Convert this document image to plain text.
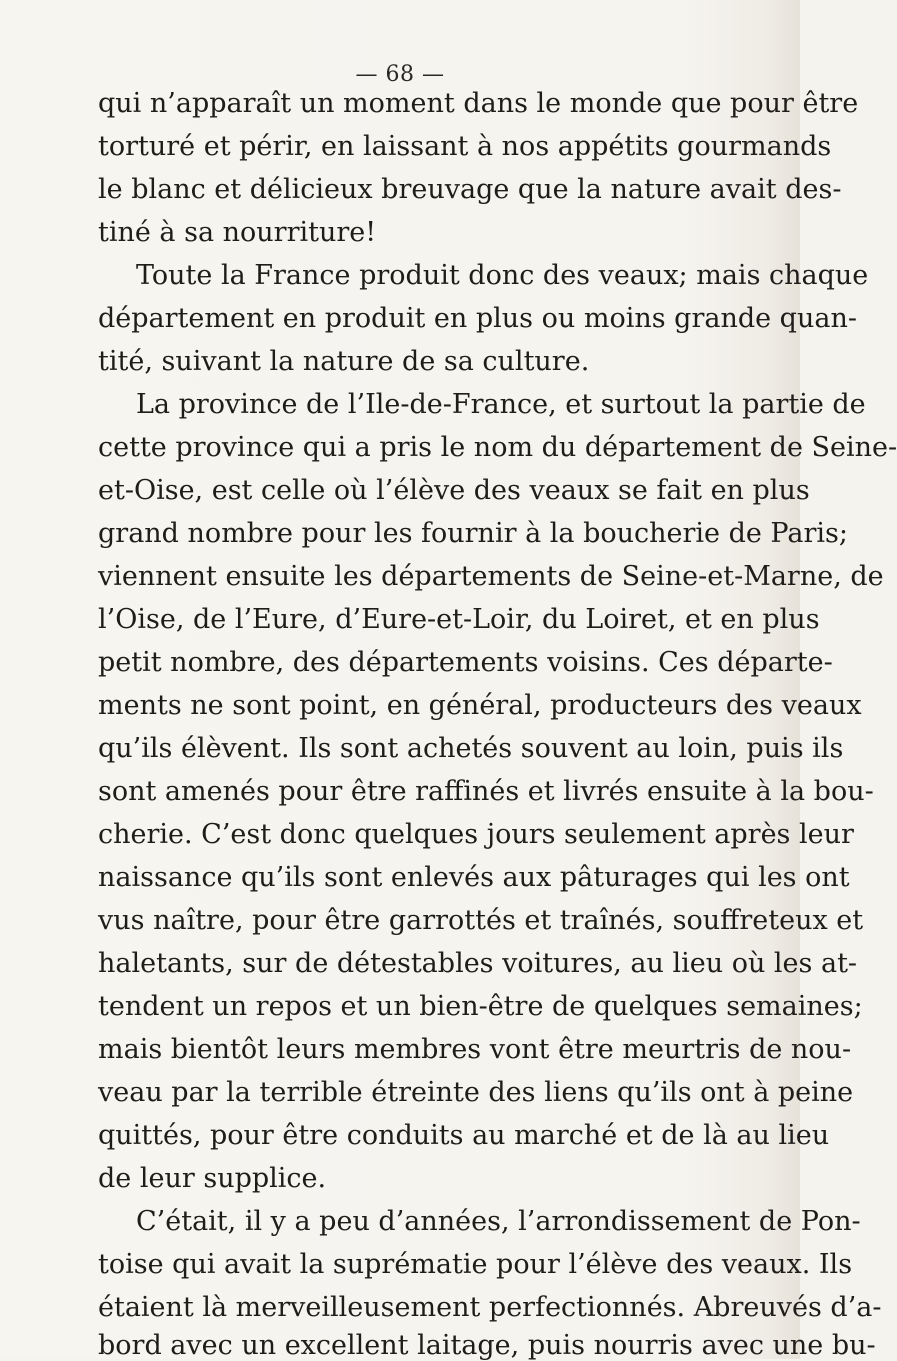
— 68 —
qui n’apparaît un moment dans le monde que pour être
torturé et périr, en laissant à nos appétits gourmands
le blanc et délicieux breuvage que la nature avait des-
tiné à sa nourriture!
Toute la France produit donc des veaux; mais chaque
département en produit en plus ou moins grande quan-
tité, suivant la nature de sa culture.
La province de l’Ile-de-France, et surtout la partie de
cette province qui a pris le nom du département de Seine-
et-Oise, est celle où l’élève des veaux se fait en plus
grand nombre pour les fournir à la boucherie de Paris;
viennent ensuite les départements de Seine-et-Marne, de
l’Oise, de l’Eure, d’Eure-et-Loir, du Loiret, et en plus
petit nombre, des départements voisins. Ces départe-
ments ne sont point, en général, producteurs des veaux
qu’ils élèvent. Ils sont achetés souvent au loin, puis ils
sont amenés pour être raffinés et livrés ensuite à la bou-
cherie. C’est donc quelques jours seulement après leur
naissance qu’ils sont enlevés aux pâturages qui les ont
vus naître, pour être garrottés et traînés, souffreteux et
haletants, sur de détestables voitures, au lieu où les at-
tendent un repos et un bien-être de quelques semaines;
mais bientôt leurs membres vont être meurtris de nou-
veau par la terrible étreinte des liens qu’ils ont à peine
quittés, pour être conduits au marché et de là au lieu
de leur supplice.
C’était, il y a peu d’années, l’arrondissement de Pon-
toise qui avait la suprématie pour l’élève des veaux. Ils
étaient là merveilleusement perfectionnés. Abreuvés d’a-
bord avec un excellent laitage, puis nourris avec une bu-
